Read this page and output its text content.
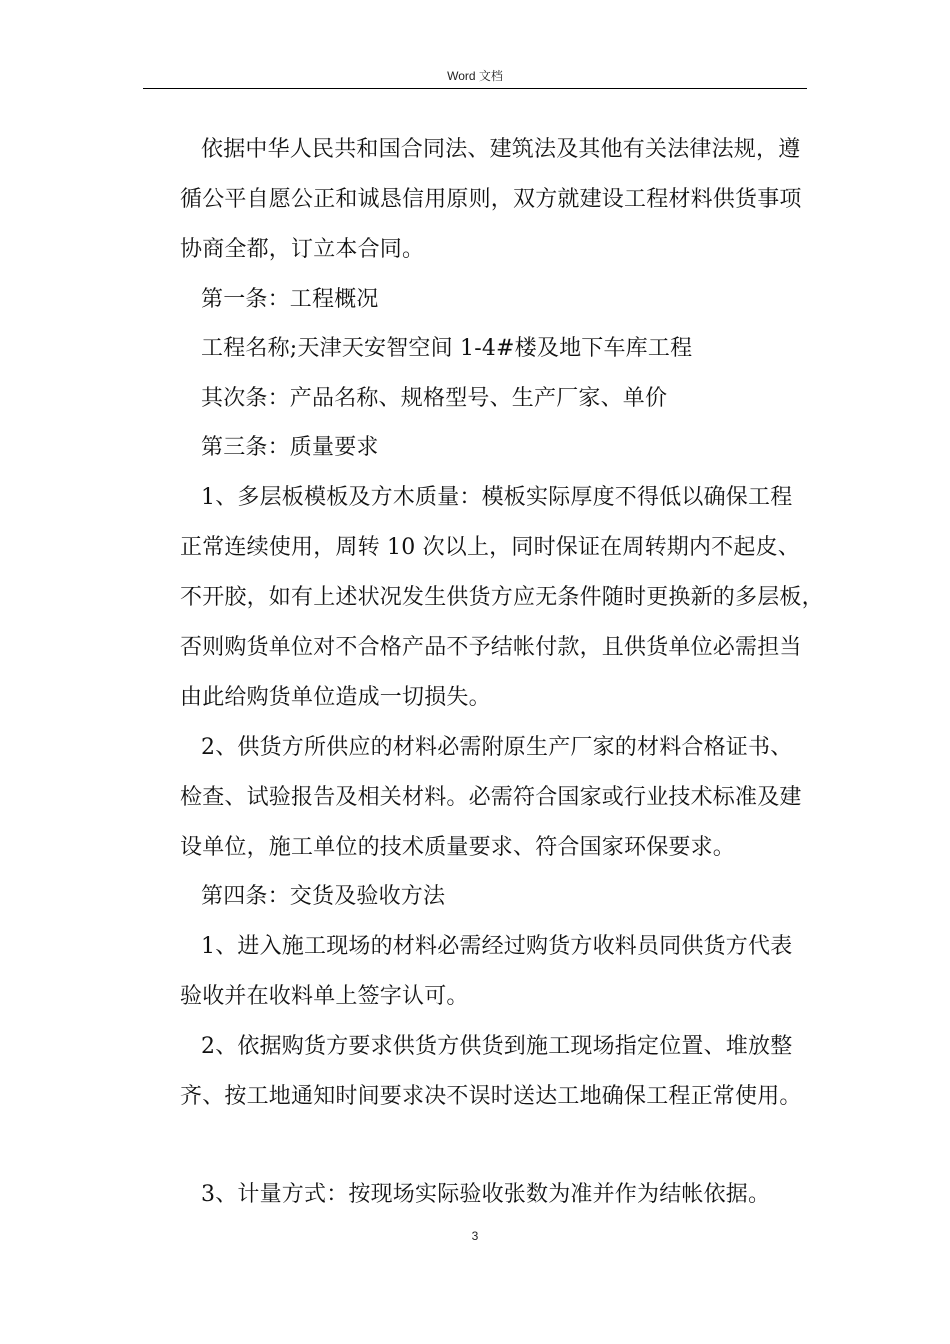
Word 文档
依据中华人民共和国合同法、建筑法及其他有关法律法规，遵
循公平自愿公正和诚恳信用原则，双方就建设工程材料供货事项
协商全都，订立本合同。
第一条：工程概况
工程名称;天津天安智空间 1-4#楼及地下车库工程
其次条：产品名称、规格型号、生产厂家、单价
第三条：质量要求
1、多层板模板及方木质量：模板实际厚度不得低以确保工程
正常连续使用，周转 10 次以上，同时保证在周转期内不起皮、
不开胶，如有上述状况发生供货方应无条件随时更换新的多层板，
否则购货单位对不合格产品不予结帐付款，且供货单位必需担当
由此给购货单位造成一切损失。
2、供货方所供应的材料必需附原生产厂家的材料合格证书、
检查、试验报告及相关材料。必需符合国家或行业技术标准及建
设单位，施工单位的技术质量要求、符合国家环保要求。
第四条：交货及验收方法
1、进入施工现场的材料必需经过购货方收料员同供货方代表
验收并在收料单上签字认可。
2、依据购货方要求供货方供货到施工现场指定位置、堆放整
齐、按工地通知时间要求决不误时送达工地确保工程正常使用。
3、计量方式：按现场实际验收张数为准并作为结帐依据。
3
